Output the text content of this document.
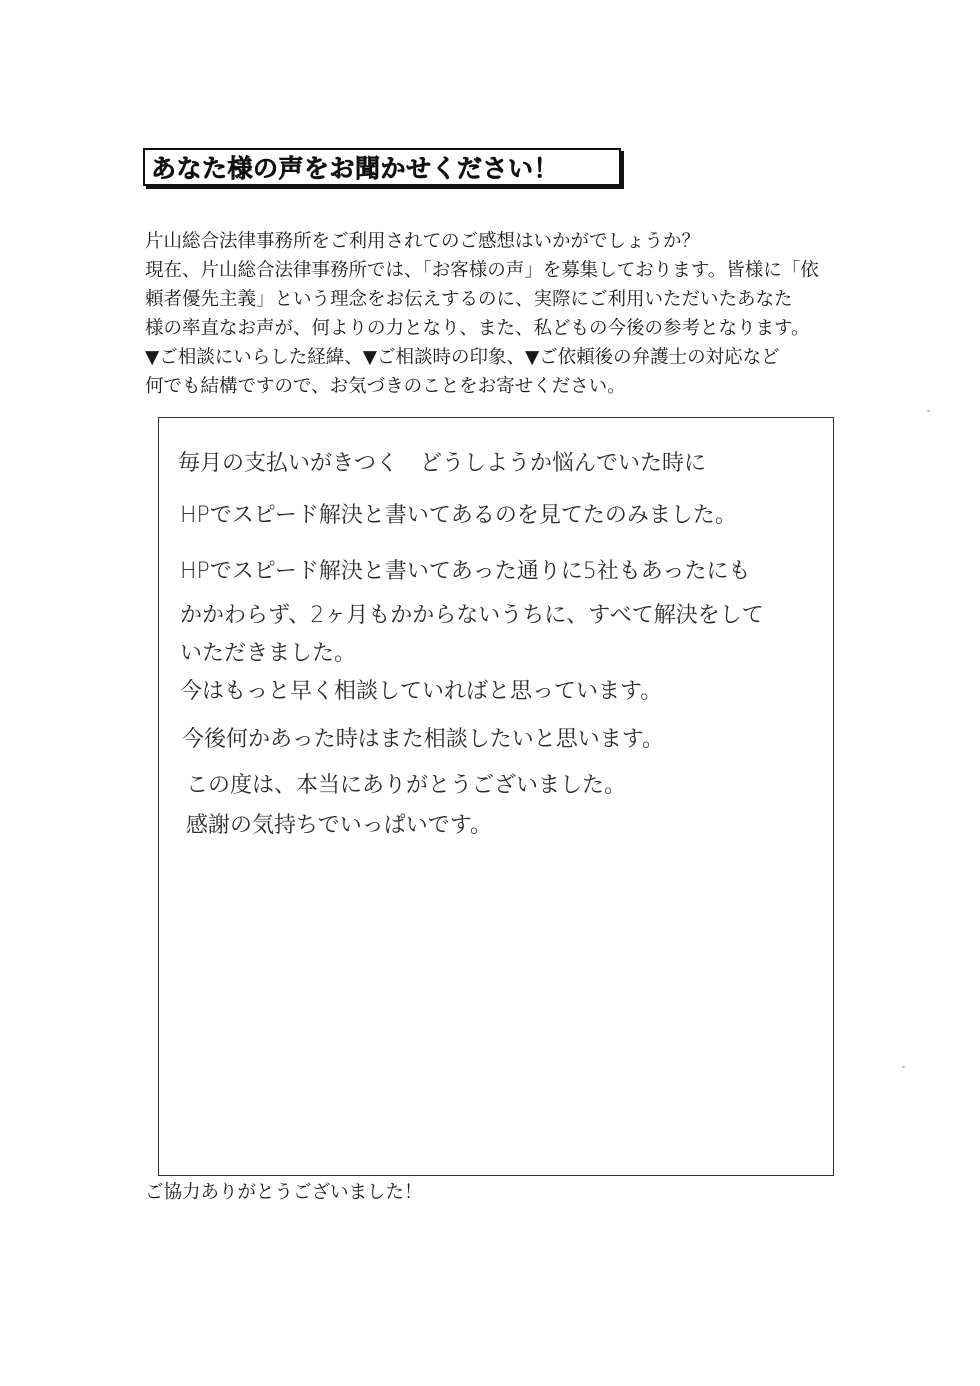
あなた様の声をお聞かせください！
片山総合法律事務所をご利用されてのご感想はいかがでしょうか？
現在、片山総合法律事務所では、「お客様の声」を募集しております。皆様に「依
頼者優先主義」という理念をお伝えするのに、実際にご利用いただいたあなた
様の率直なお声が、何よりの力となり、また、私どもの今後の参考となります。
▼ご相談にいらした経緯、▼ご相談時の印象、▼ご依頼後の弁護士の対応など
何でも結構ですので、お気づきのことをお寄せください。
毎月の支払いがきつく　どうしようか悩んでいた時に
HPでスピード解決と書いてあるのを見てたのみました。
HPでスピード解決と書いてあった通りに5社もあったにも
かかわらず、2ヶ月もかからないうちに、すべて解決をして
いただきました。
今はもっと早く相談していればと思っています。
今後何かあった時はまた相談したいと思います。
この度は、本当にありがとうございました。
感謝の気持ちでいっぱいです。
ご協力ありがとうございました！
